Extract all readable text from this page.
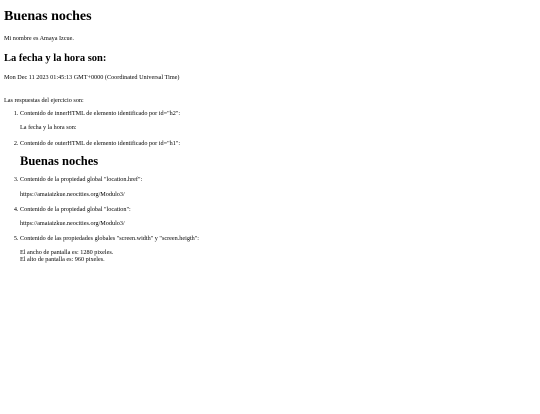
Buenas noches

Mi nombre es Amaya Izcue.

La fecha y la hora son:

Mon Dec 11 2023 01:45:13 GMT+0000 (Coordinated Universal Time)

Las respuestas del ejercicio son:

1. Contenido de innerHTML de elemento identificado por id="h2":
La fecha y la hora son:
2. Contenido de outerHTML de elemento identificado por id="h1":
Buenas noches
3. Contenido de la propiedad global "location.href":
https://amaiaizkue.neocities.org/Modulo3/
4. Contenido de la propiedad global "location":
https://amaiaizkue.neocities.org/Modulo3/
5. Contenido de las propiedades globales "screen.width" y "screen.heigth":
El ancho de pantalla es: 1280 pixeles.
El alto de pantalla es: 960 pixeles.
